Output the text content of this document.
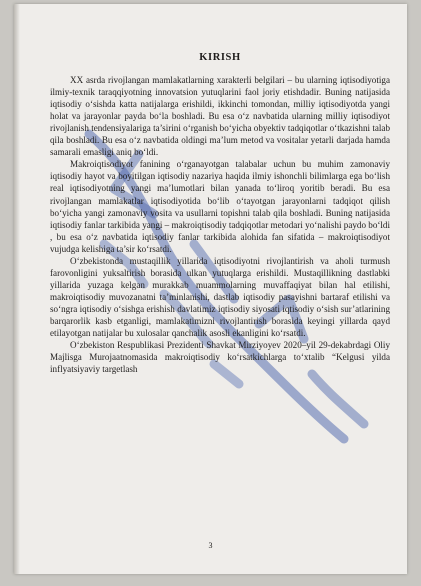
KIRISH

XX asrda rivojlangan mamlakatlarning xarakterli belgilari – bu ularning iqtisodiyotiga ilmiy-texnik taraqqiyotning innovatsion yutuqlarini faol joriy etishdadir. Buning natijasida iqtisodiy o‘sishda katta natijalarga erishildi, ikkinchi tomondan, milliy iqtisodiyotda yangi holat va jarayonlar payda bo‘la boshladi. Bu esa o‘z navbatida ularning milliy iqtisodiyot rivojlanish tendensiyalariga ta’sirini o‘rganish bo‘yicha obyektiv tadqiqotlar o‘tkazishni talab qila boshladi. Bu esa o‘z navbatida oldingi ma’lum metod va vositalar yetarli darjada hamda samarali emasligi aniq bo‘ldi.

Makroiqtisodiyot fanining o‘rganayotgan talabalar uchun bu muhim zamonaviy iqtisodiy hayot va boyitilgan iqtisodiy nazariya haqida ilmiy ishonchli bilimlarga ega bo‘lish real iqtisodiyotning yangi ma’lumotlari bilan yanada to‘liroq yoritib beradi. Bu esa rivojlangan mamlakatlar iqtisodiyotida bo‘lib o‘tayotgan jarayonlarni tadqiqot qilish bo‘yicha yangi zamonaviy vosita va usullarni topishni talab qila boshladi. Buning natijasida iqtisodiy fanlar tarkibida yangi – makroiqtisodiy tadqiqotlar metodari yo‘nalishi paydo bo‘ldi , bu esa o‘z navbatida iqtisodiy fanlar tarkibida alohida fan sifatida – makroiqtisodiyot vujudga kelishiga ta’sir ko‘rsatdi.

O‘zbekistonda mustaqillik yillarida iqtisodiyotni rivojlantirish va aholi turmush farovonligini yuksaltirish borasida ulkan yutuqlarga erishildi. Mustaqillikning dastlabki yillarida yuzaga kelgan murakkab muammolarning muvaffaqiyat bilan hal etilishi, makroiqtisodiy muvozanatni ta’minlanishi, dastlab iqtisodiy pasayishni bartaraf etilishi va so‘ngra iqtisodiy o‘sishga erishish davlatimiz iqtisodiy siyosati iqtisodiy o‘sish sur’atlarining barqarorlik kasb etganligi, mamlakatimizni rivojlantirish borasida keyingi yillarda qayd etilayotgan natijalar bu xulosalar qanchalik asosli ekanligini ko‘rsatdi.

O‘zbekiston Respublikasi Prezidenti Shavkat Mirziyoyev 2020–yil 29-dekabrdagi Oliy Majlisga Murojaatnomasida makroiqtisodiy ko‘rsatkichlarga to‘xtalib “Kelgusi yilda inflyatsiyaviy targetlash

3
